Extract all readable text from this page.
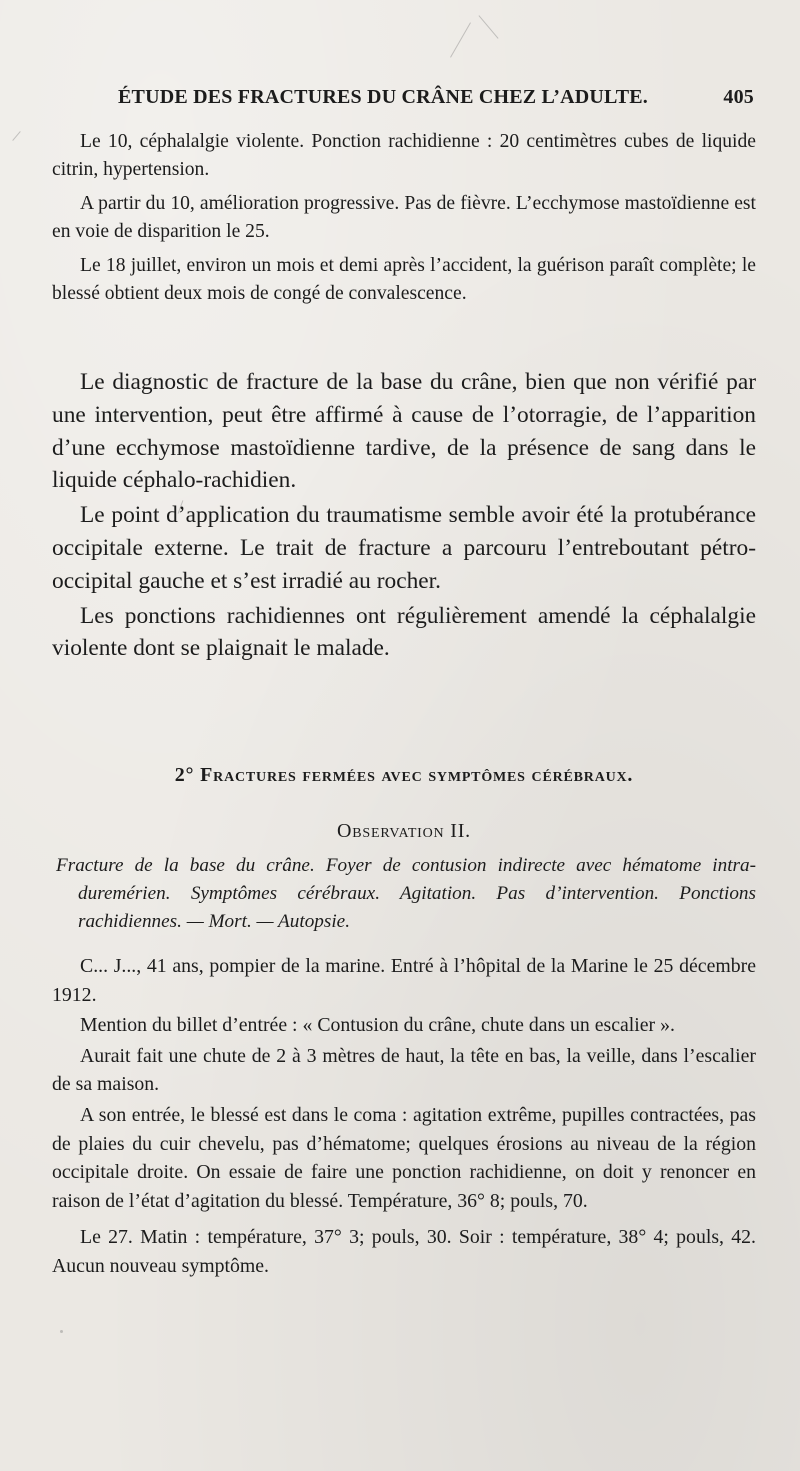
ÉTUDE DES FRACTURES DU CRÂNE CHEZ L’ADULTE.	405

Le 10, céphalalgie violente. Ponction rachidienne : 20 centimètres cubes de liquide citrin, hypertension.

A partir du 10, amélioration progressive. Pas de fièvre. L’ecchymose mastoïdienne est en voie de disparition le 25.

Le 18 juillet, environ un mois et demi après l’accident, la guérison paraît complète; le blessé obtient deux mois de congé de convalescence.

Le diagnostic de fracture de la base du crâne, bien que non vérifié par une intervention, peut être affirmé à cause de l’otorragie, de l’apparition d’une ecchymose mastoïdienne tardive, de la présence de sang dans le liquide céphalo-rachidien.

Le point d’application du traumatisme semble avoir été la protubérance occipitale externe. Le trait de fracture a parcouru l’entreboutant pétro-occipital gauche et s’est irradié au rocher.

Les ponctions rachidiennes ont régulièrement amendé la céphalalgie violente dont se plaignait le malade.

2° Fractures fermées avec symptômes cérébraux.
Observation II.

Fracture de la base du crâne. Foyer de contusion indirecte avec hématome intra-duremérien. Symptômes cérébraux. Agitation. Pas d’intervention. Ponctions rachidiennes. — Mort. — Autopsie.

C... J..., 41 ans, pompier de la marine. Entré à l’hôpital de la Marine le 25 décembre 1912.

Mention du billet d’entrée : « Contusion du crâne, chute dans un escalier ».

Aurait fait une chute de 2 à 3 mètres de haut, la tête en bas, la veille, dans l’escalier de sa maison.

A son entrée, le blessé est dans le coma : agitation extrême, pupilles contractées, pas de plaies du cuir chevelu, pas d’hématome; quelques érosions au niveau de la région occipitale droite. On essaie de faire une ponction rachidienne, on doit y renoncer en raison de l’état d’agitation du blessé. Température, 36° 8; pouls, 70.

Le 27. Matin : température, 37° 3; pouls, 30. Soir : température, 38° 4; pouls, 42. Aucun nouveau symptôme.
